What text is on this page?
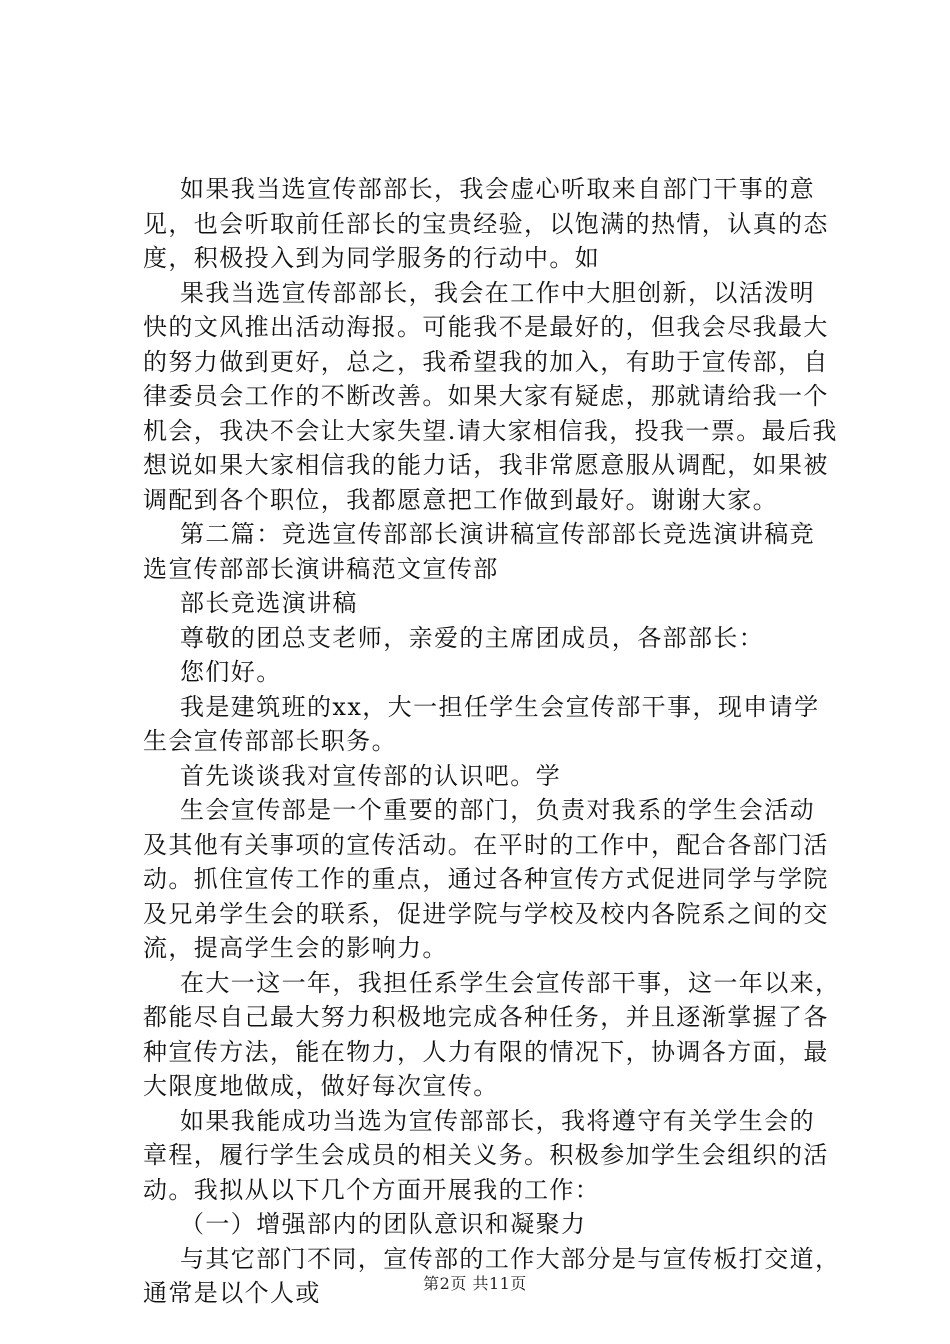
如果我当选宣传部部长，我会虚心听取来自部门干事的意
见，也会听取前任部长的宝贵经验，以饱满的热情，认真的态
度，积极投入到为同学服务的行动中。如
果我当选宣传部部长，我会在工作中大胆创新，以活泼明
快的文风推出活动海报。可能我不是最好的，但我会尽我最大
的努力做到更好，总之，我希望我的加入，有助于宣传部，自
律委员会工作的不断改善。如果大家有疑虑，那就请给我一个
机会，我决不会让大家失望.请大家相信我，投我一票。最后我
想说如果大家相信我的能力话，我非常愿意服从调配，如果被
调配到各个职位，我都愿意把工作做到最好。谢谢大家。
第二篇：竞选宣传部部长演讲稿宣传部部长竞选演讲稿竞
选宣传部部长演讲稿范文宣传部
部长竞选演讲稿
尊敬的团总支老师，亲爱的主席团成员，各部部长：
您们好。
我是建筑班的xx，大一担任学生会宣传部干事，现申请学
生会宣传部部长职务。
首先谈谈我对宣传部的认识吧。学
生会宣传部是一个重要的部门，负责对我系的学生会活动
及其他有关事项的宣传活动。在平时的工作中，配合各部门活
动。抓住宣传工作的重点，通过各种宣传方式促进同学与学院
及兄弟学生会的联系，促进学院与学校及校内各院系之间的交
流，提高学生会的影响力。
在大一这一年，我担任系学生会宣传部干事，这一年以来，
都能尽自己最大努力积极地完成各种任务，并且逐渐掌握了各
种宣传方法，能在物力，人力有限的情况下，协调各方面，最
大限度地做成，做好每次宣传。
如果我能成功当选为宣传部部长，我将遵守有关学生会的
章程，履行学生会成员的相关义务。积极参加学生会组织的活
动。我拟从以下几个方面开展我的工作：
（一）增强部内的团队意识和凝聚力
与其它部门不同，宣传部的工作大部分是与宣传板打交道，
通常是以个人或	第2页 共11页
